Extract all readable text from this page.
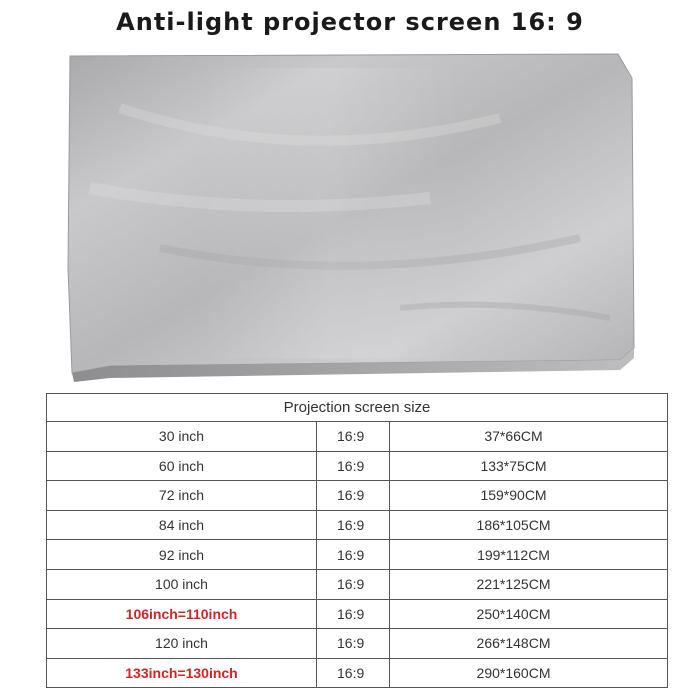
Anti-light projector screen 16: 9
Projection screen size		
30 inch	16:9	37*66CM
60 inch	16:9	133*75CM
72 inch	16:9	159*90CM
84 inch	16:9	186*105CM
92 inch	16:9	199*112CM
100 inch	16:9	221*125CM
106inch=110inch	16:9	250*140CM
120 inch	16:9	266*148CM
133inch=130inch	16:9	290*160CM
